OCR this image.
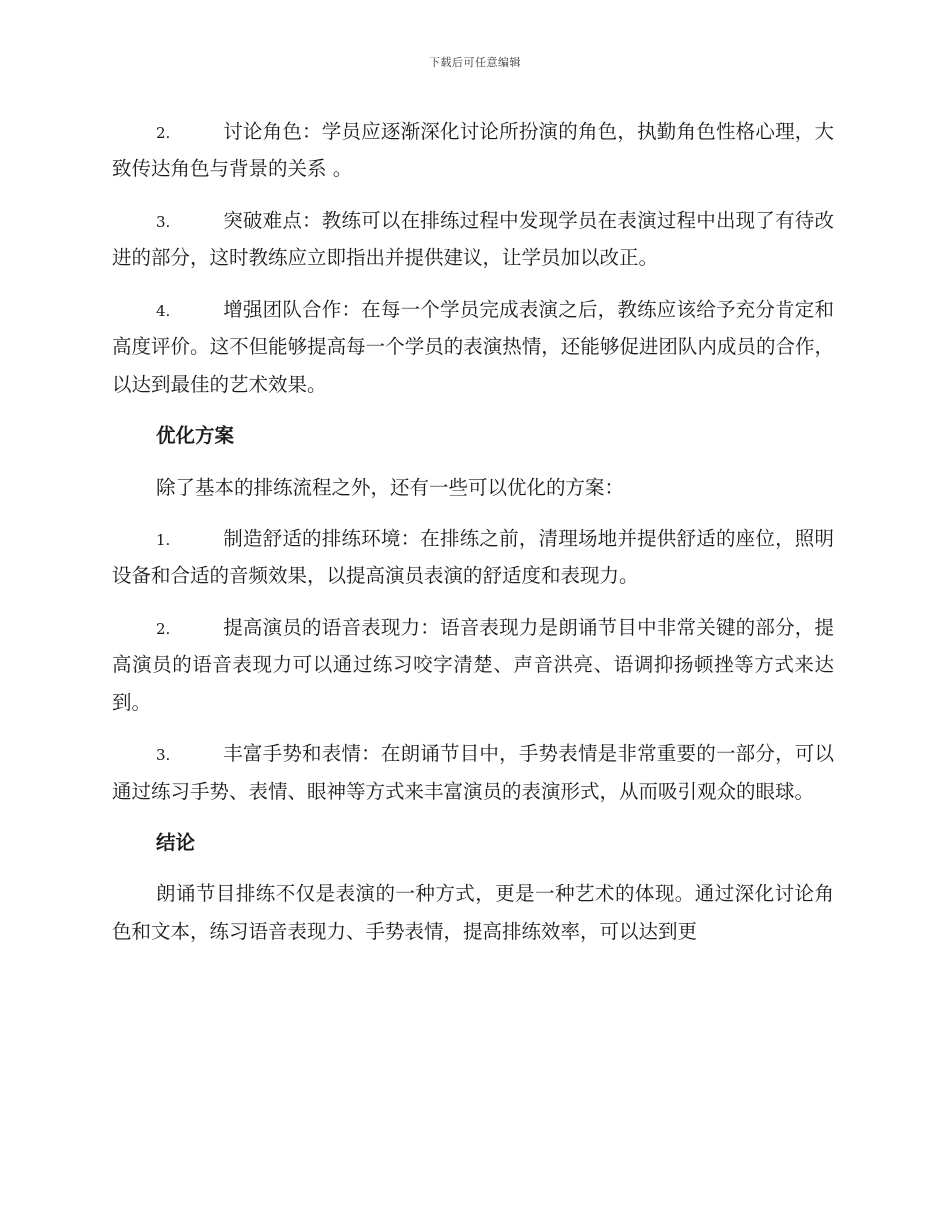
下载后可任意编辑

2.	讨论角色：学员应逐渐深化讨论所扮演的角色，执勤角色性格心理，大致传达角色与背景的关系 。

3.	突破难点：教练可以在排练过程中发现学员在表演过程中出现了有待改进的部分，这时教练应立即指出并提供建议，让学员加以改正。

4.	增强团队合作：在每一个学员完成表演之后，教练应该给予充分肯定和高度评价。这不但能够提高每一个学员的表演热情，还能够促进团队内成员的合作，以达到最佳的艺术效果。

优化方案

除了基本的排练流程之外，还有一些可以优化的方案：

1.	制造舒适的排练环境：在排练之前，清理场地并提供舒适的座位，照明设备和合适的音频效果，以提高演员表演的舒适度和表现力。

2.	提高演员的语音表现力：语音表现力是朗诵节目中非常关键的部分，提高演员的语音表现力可以通过练习咬字清楚、声音洪亮、语调抑扬顿挫等方式来达到。

3.	丰富手势和表情：在朗诵节目中，手势表情是非常重要的一部分，可以通过练习手势、表情、眼神等方式来丰富演员的表演形式，从而吸引观众的眼球。

结论

朗诵节目排练不仅是表演的一种方式，更是一种艺术的体现。通过深化讨论角色和文本，练习语音表现力、手势表情，提高排练效率，可以达到更
